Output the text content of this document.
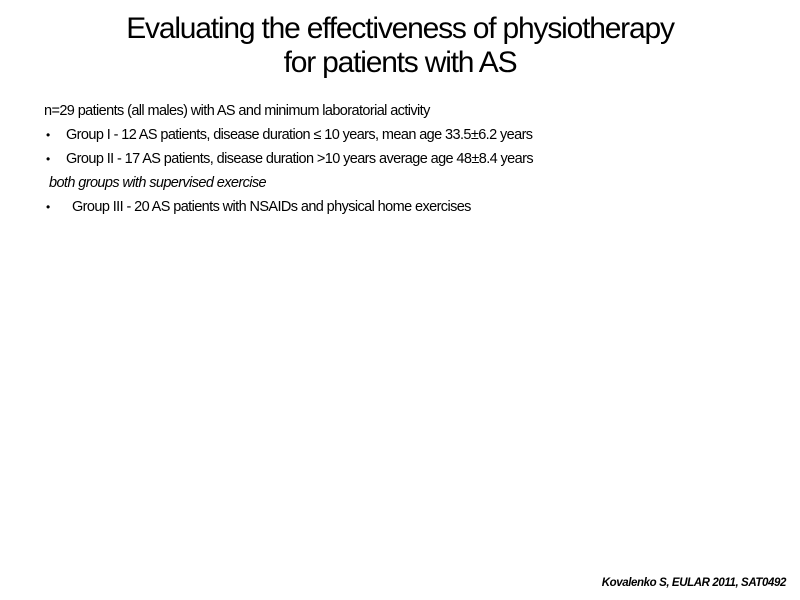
Evaluating the effectiveness of physiotherapy
for patients with AS
n=29 patients (all males) with AS and minimum laboratorial activity
•	Group I - 12 AS patients, disease duration ≤ 10 years, mean age 33.5±6.2 years
•	Group II - 17 AS patients, disease duration >10 years average age 48±8.4 years
both groups with supervised exercise
•	Group III - 20 AS patients with NSAIDs and physical home exercises
Kovalenko S, EULAR 2011, SAT0492
